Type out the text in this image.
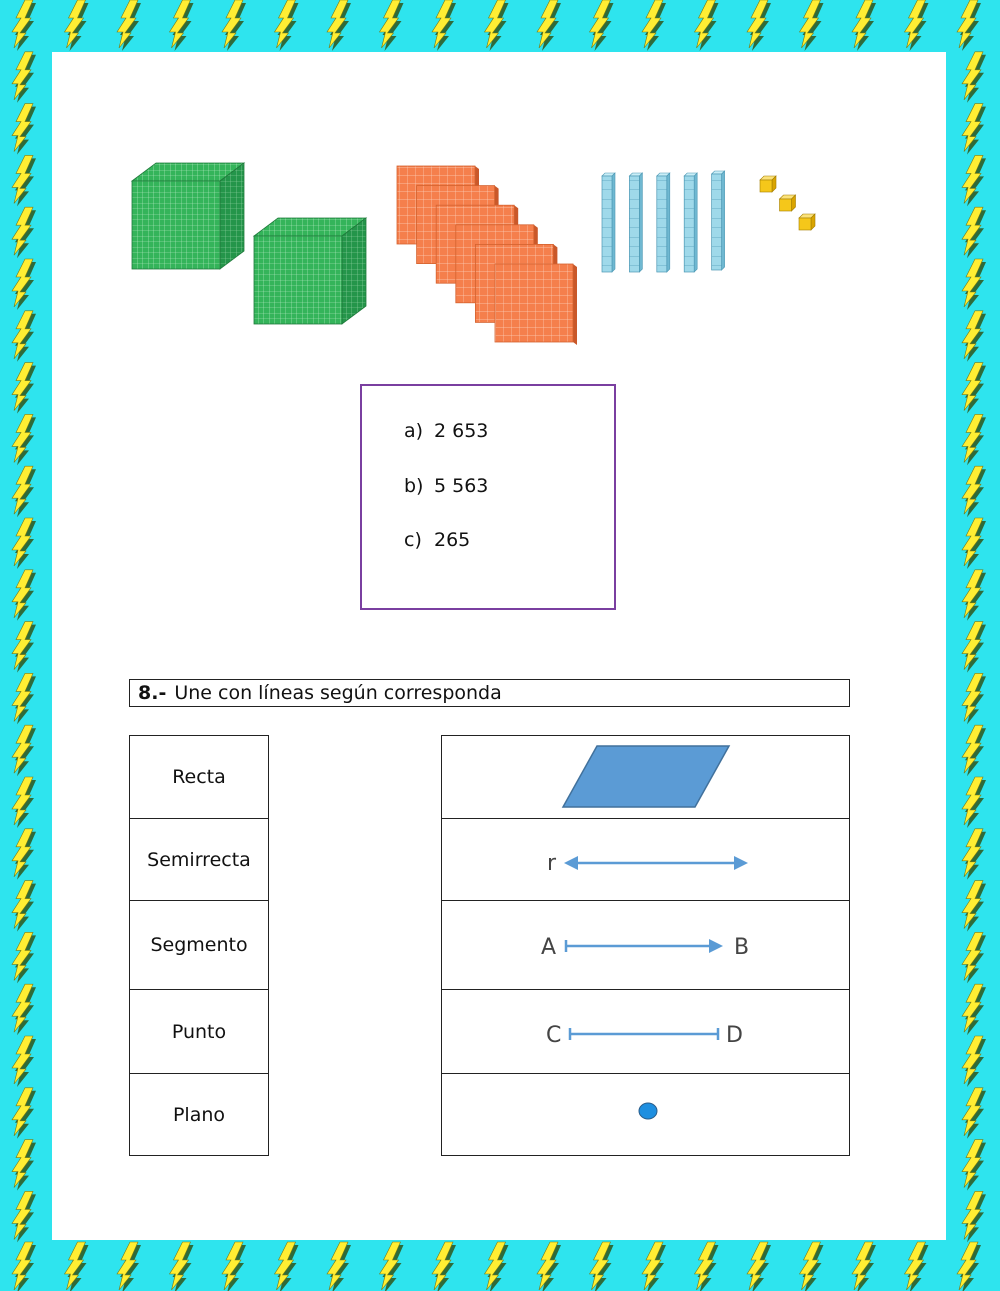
a) 2 653
b) 5 563
c) 265
8.- Une con líneas según corresponda
Recta
Semirrecta
Segmento
Punto
Plano
r
A	B
C	D
